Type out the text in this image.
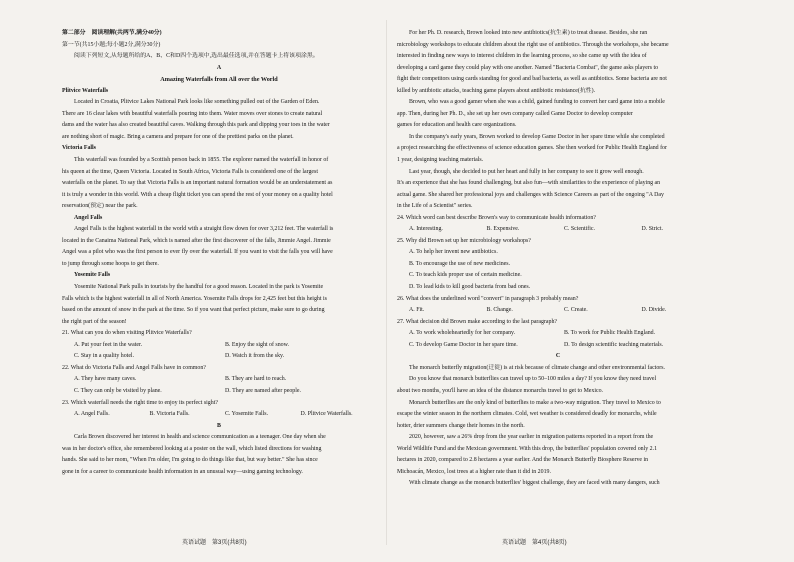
第二部分　阅读理解(共两节,满分40分)
第一节(共15小题;每小题2分,满分30分)
阅读下列短文,从每题所给的A、B、C和D四个选项中,选出最佳选项,并在答题卡上将该项涂黑。
A
Amazing Waterfalls from All over the World
Plitvice Waterfalls
Located in Croatia, Plitvice Lakes National Park looks like something pulled out of the Garden of Eden.
There are 16 clear lakes with beautiful waterfalls pouring into them. Water moves over stones to create natural
dams and the water has also created beautiful caves. Walking through this park and dipping your toes in the water
are nothing short of magic. Bring a camera and prepare for one of the prettiest parks on the planet.
Victoria Falls
This waterfall was founded by a Scottish person back in 1855. The explorer named the waterfall in honor of
his queen at the time, Queen Victoria. Located in South Africa, Victoria Falls is considered one of the largest
waterfalls on the planet. To say that Victoria Falls is an important natural formation would be an understatement as
it is truly a wonder in this world. With a cheap flight ticket you can spend the rest of your money on a quality hotel
reservation(预定) near the park.
Angel Falls
Angel Falls is the highest waterfall in the world with a straight flow down for over 3,212 feet. The waterfall is
located in the Canaima National Park, which is named after the first discoverer of the falls, Jimmie Angel. Jimmie
Angel was a pilot who was the first person to ever fly over the waterfall. If you want to visit the falls you will have
to jump through some hoops to get there.
Yosemite Falls
Yosemite National Park pulls in tourists by the handful for a good reason. Located in the park is Yosemite
Falls which is the highest waterfall in all of North America. Yosemite Falls drops for 2,425 feet but this height is
based on the amount of snow in the park at the time. So if you want that perfect picture, make sure to go during
the right part of the season!
21. What can you do when visiting Plitvice Waterfalls?
A. Put your feet in the water.	B. Enjoy the sight of snow.
C. Stay in a quality hotel.	D. Watch it from the sky.
22. What do Victoria Falls and Angel Falls have in common?
A. They have many caves.	B. They are hard to reach.
C. They can only be visited by plane.	D. They are named after people.
23. Which waterfall needs the right time to enjoy its perfect sight?
A. Angel Falls.	B. Victoria Falls.	C. Yosemite Falls.	D. Plitvice Waterfalls.
B
Carla Brown discovered her interest in health and science communication as a teenager. One day when she
was in her doctor's office, she remembered looking at a poster on the wall, which listed directions for washing
hands. She said to her mom, "When I'm older, I'm going to do things like that, but way better." She has since
gone in for a career to communicate health information in an unusual way—using gaming technology.
英语试题　第3页(共8页)
For her Ph. D. research, Brown looked into new antibiotics(抗生素) to treat disease. Besides, she ran
microbiology workshops to educate children about the right use of antibiotics. Through the workshops, she became
interested in finding new ways to interest children in the learning process, so she came up with the idea of
developing a card game they could play with one another. Named "Bacteria Combat", the game asks players to
fight their competitors using cards standing for good and bad bacteria, as well as antibiotics. Some bacteria are not
killed by antibiotic attacks, teaching game players about antibiotic resistance(抗性).
Brown, who was a good gamer when she was a child, gained funding to convert her card game into a mobile
app. Then, during her Ph. D., she set up her own company called Game Doctor to develop computer
games for education and health care organizations.
In the company's early years, Brown worked to develop Game Doctor in her spare time while she completed
a project researching the effectiveness of science education games. She then worked for Public Health England for
1 year, designing teaching materials.
Last year, though, she decided to put her heart and fully in her company to see it grow well enough.
It's an experience that she has found challenging, but also fun—with similarities to the experience of playing an
actual game. She shared her professional joys and challenges with Science Careers as part of the ongoing "A Day
in the Life of a Scientist" series.
24. Which word can best describe Brown's way to communicate health information?
A. Interesting.	B. Expensive.	C. Scientific.	D. Strict.
25. Why did Brown set up her microbiology workshops?
A. To help her invent new antibiotics.
B. To encourage the use of new medicines.
C. To teach kids proper use of certain medicine.
D. To lead kids to kill good bacteria from bad ones.
26. What does the underlined word "convert" in paragraph 3 probably mean?
A. Fit.	B. Change.	C. Create.	D. Divide.
27. What decision did Brown make according to the last paragraph?
A. To work wholeheartedly for her company.	B. To work for Public Health England.
C. To develop Game Doctor in her spare time.	D. To design scientific teaching materials.
C
The monarch butterfly migration(迁徙) is at risk because of climate change and other environmental factors.
Do you know that monarch butterflies can travel up to 50–100 miles a day? If you know they need travel
about two months, you'll have an idea of the distance monarchs travel to get to Mexico.
Monarch butterflies are the only kind of butterflies to make a two-way migration. They travel to Mexico to
escape the winter season in the northern climates. Cold, wet weather is considered deadly for monarchs, while
hotter, drier summers change their homes in the north.
2020, however, saw a 26% drop from the year earlier in migration patterns reported in a report from the
World Wildlife Fund and the Mexican government. With this drop, the butterflies' population covered only 2.1
hectares in 2020, compared to 2.8 hectares a year earlier. And the Monarch Butterfly Biosphere Reserve in
Michoacán, Mexico, lost trees at a higher rate than it did in 2019.
With climate change as the monarch butterflies' biggest challenge, they are faced with many dangers, such
英语试题　第4页(共8页)
